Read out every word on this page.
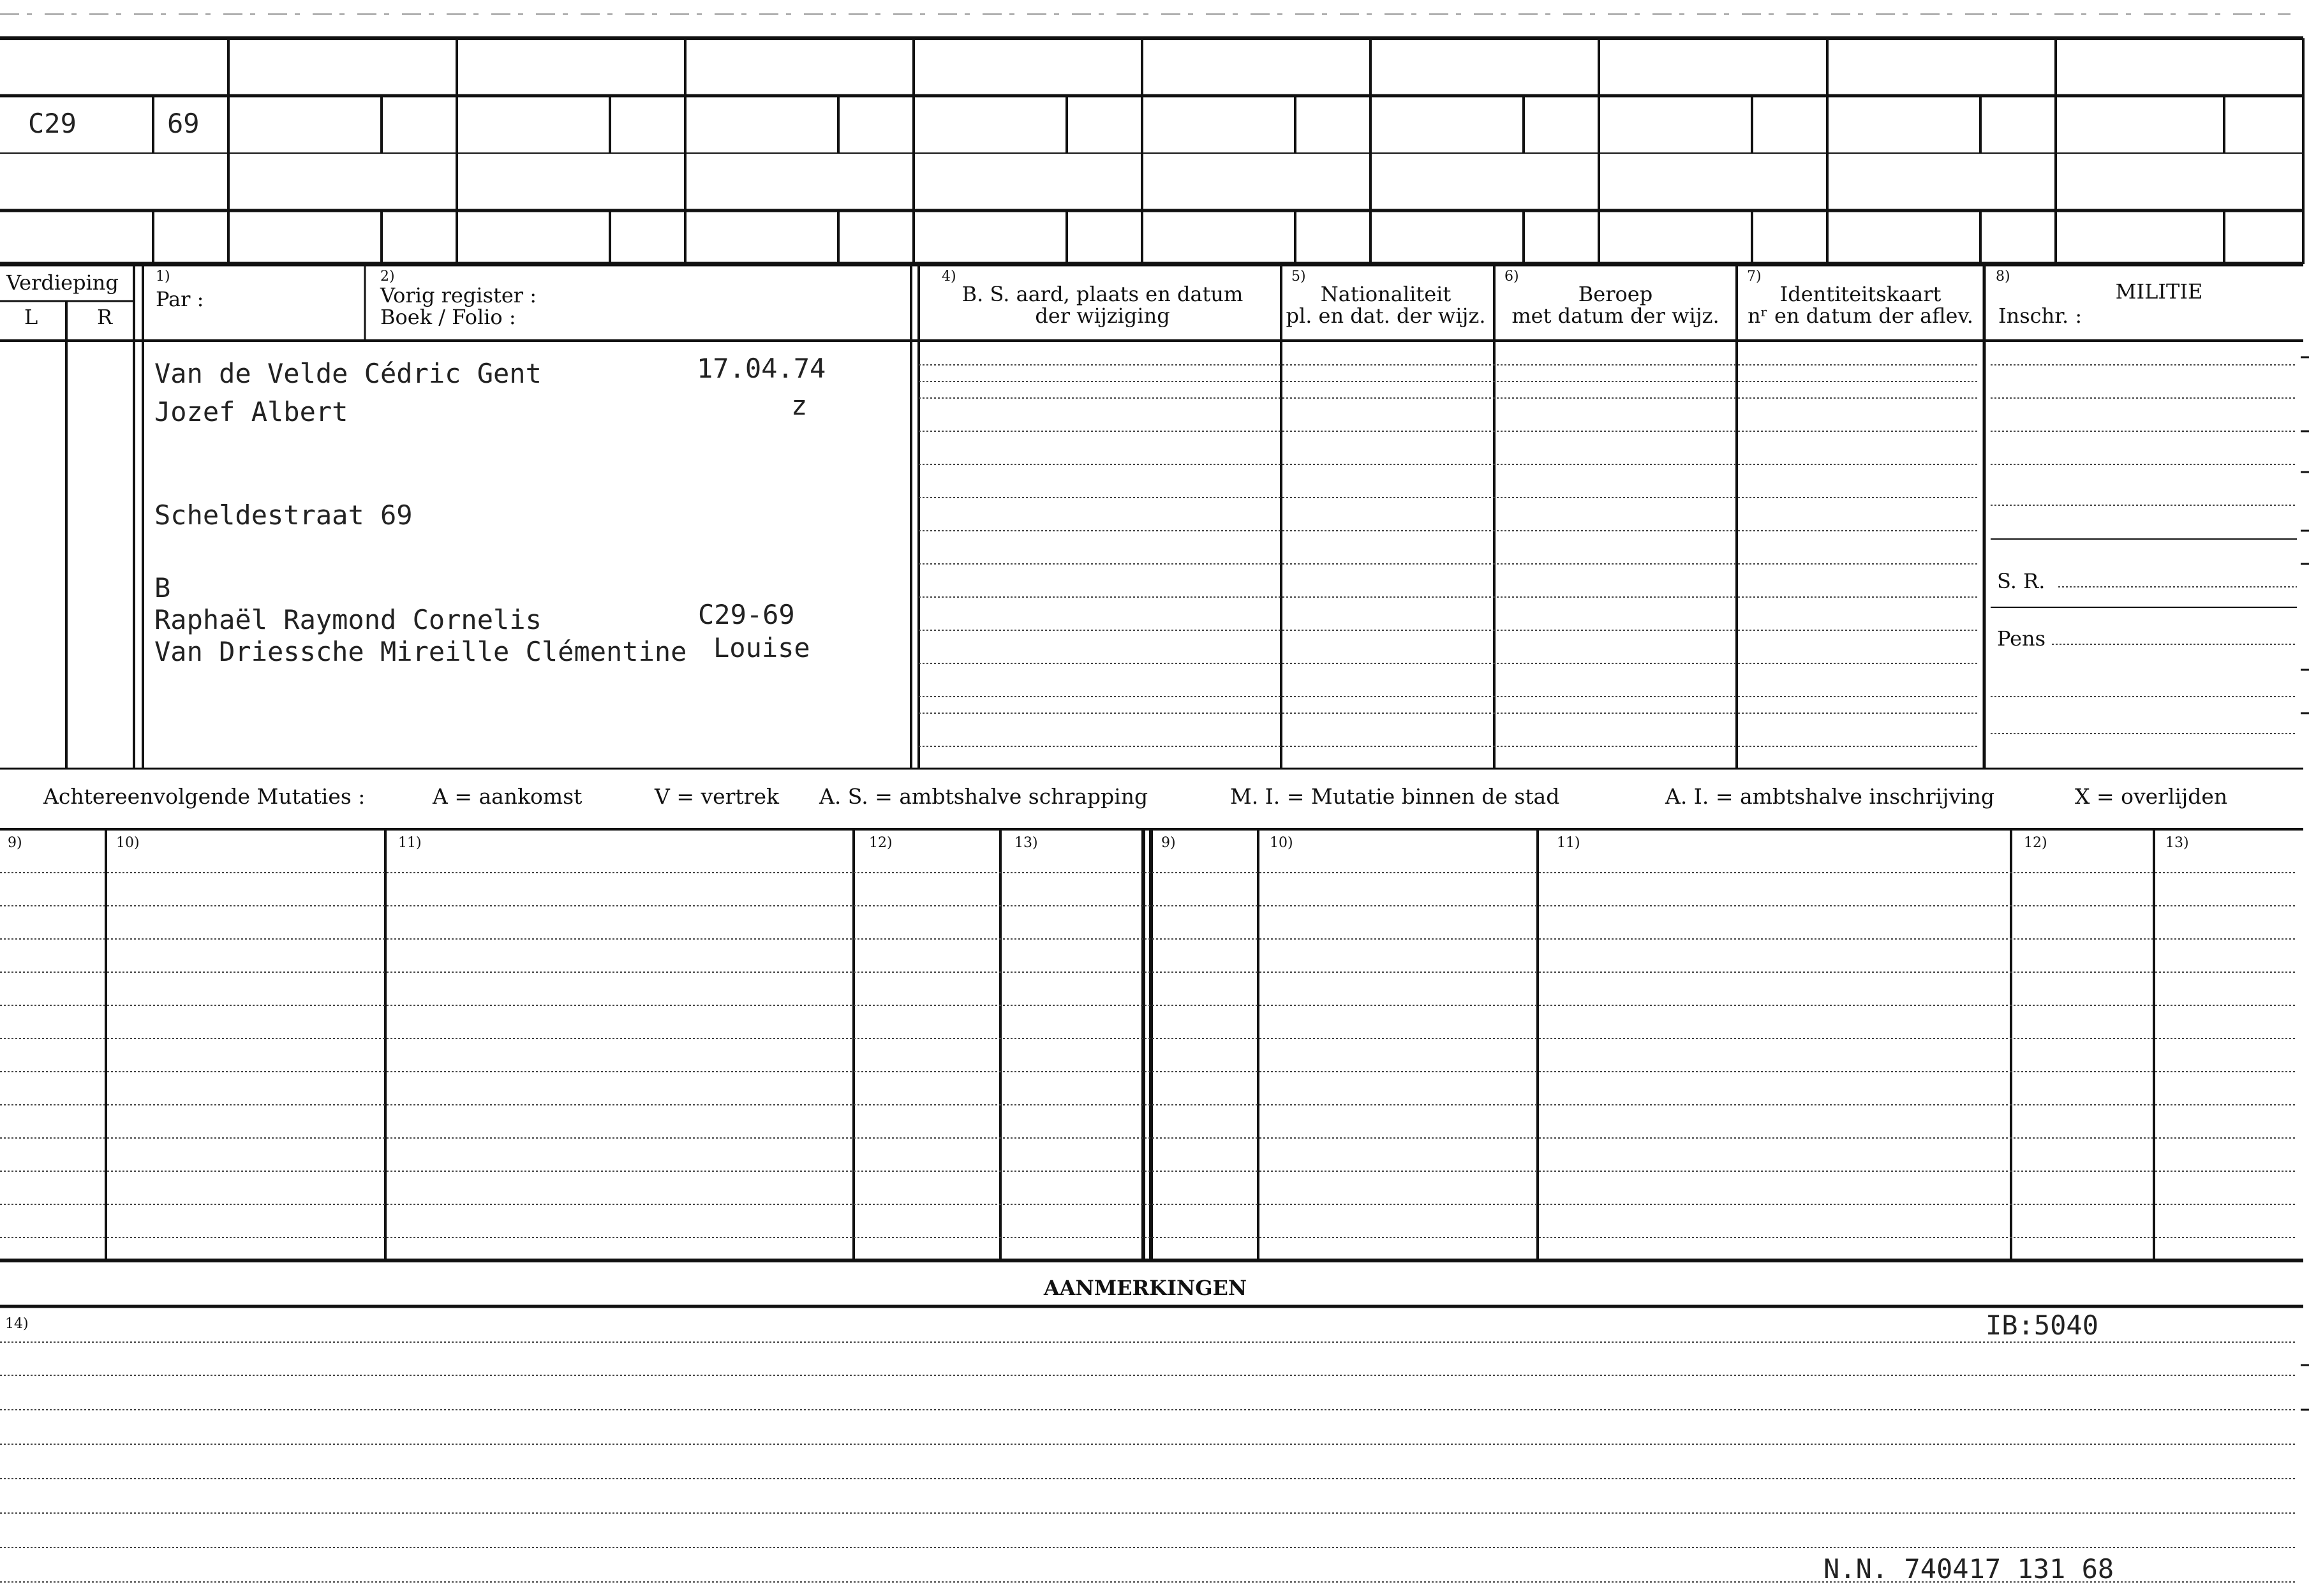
C29	69
Verdieping
L	R
1)
Par :
2)
Vorig register :
Boek / Folio :
4)
B. S. aard, plaats en datum
der wijziging
5)
Nationaliteit
pl. en dat. der wijz.
6)
Beroep
met datum der wijz.
7)
Identiteitskaart
nʳ en datum der aflev.
8)
MILITIE
Inschr. :
Van de Velde Cédric Gent	17.04.74
Jozef Albert	z
Scheldestraat 69
B
Raphaël Raymond Cornelis	C29-69
Van Driessche Mireille Clémentine Louise
S. R.
Pens
Achtereenvolgende Mutaties :	A = aankomst	V = vertrek A. S. = ambtshalve schrapping	M. I. = Mutatie binnen de stad	A. I. = ambtshalve inschrijving	X = overlijden
9)	10)	11)	12)	13)	9)	10)	11)	12)	13)
AANMERKINGEN
14)	IB:5040
N.N. 740417 131 68
